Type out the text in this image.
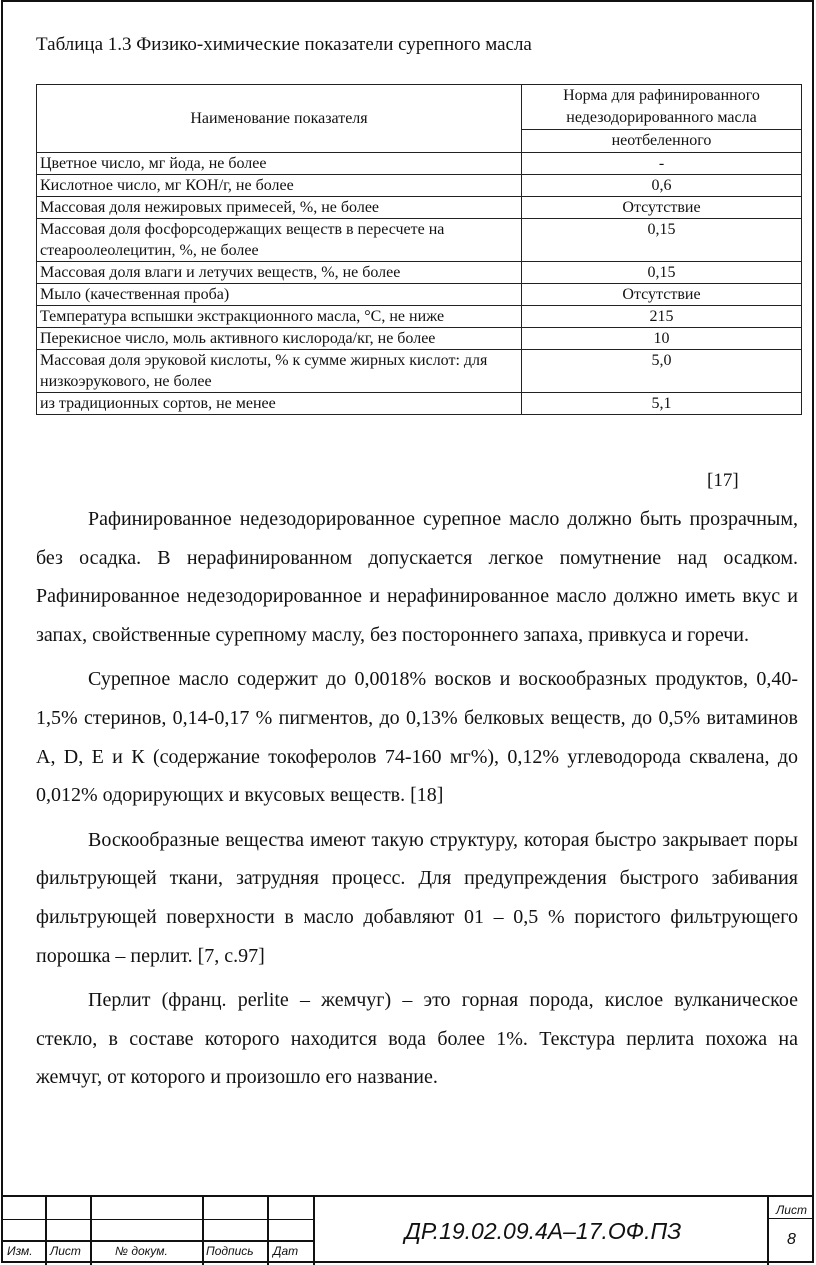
Таблица 1.3 Физико-химические показатели сурепного масла
Наименование показателя	Норма для рафинированного недезодорированного масла
	неотбеленного
Цветное число, мг йода, не более	-
Кислотное число, мг КОН/г, не более	0,6
Массовая доля нежировых примесей, %, не более	Отсутствие
Массовая доля фосфорсодержащих веществ в пересчете на стеароолеолецитин, %, не более	0,15
Массовая доля влаги и летучих веществ, %, не более	0,15
Мыло (качественная проба)	Отсутствие
Температура вспышки экстракционного масла, °С, не ниже	215
Перекисное число, моль активного кислорода/кг, не более	10
Массовая доля эруковой кислоты, % к сумме жирных кислот: для низкоэрукового, не более	5,0
из традиционных сортов, не менее	5,1
[17]

Рафинированное недезодорированное сурепное масло должно быть прозрачным, без осадка. В нерафинированном допускается легкое помутнение над осадком. Рафинированное недезодорированное и нерафинированное масло должно иметь вкус и запах, свойственные сурепному маслу, без постороннего запаха, привкуса и горечи.

Сурепное масло содержит до 0,0018% восков и воскообразных продуктов, 0,40-1,5% стеринов, 0,14-0,17 % пигментов, до 0,13% белковых веществ, до 0,5% витаминов А, D, Е и К (содержание токоферолов 74-160 мг%), 0,12% углеводорода сквалена, до 0,012% одорирующих и вкусовых веществ. [18]

Воскообразные вещества имеют такую структуру, которая быстро закрывает поры фильтрующей ткани, затрудняя процесс. Для предупреждения быстрого забивания фильтрующей поверхности в масло добавляют 01 – 0,5 % пористого фильтрующего порошка – перлит. [7, с.97]

Перлит (франц. perlite – жемчуг) – это горная порода, кислое вулканическое стекло, в составе которого находится вода более 1%. Текстура перлита похожа на жемчуг, от которого и произошло его название.

Изм. Лист	№ докум.	Подпись Дат
ДР.19.02.09.4А–17.ОФ.ПЗ
Лист
8
